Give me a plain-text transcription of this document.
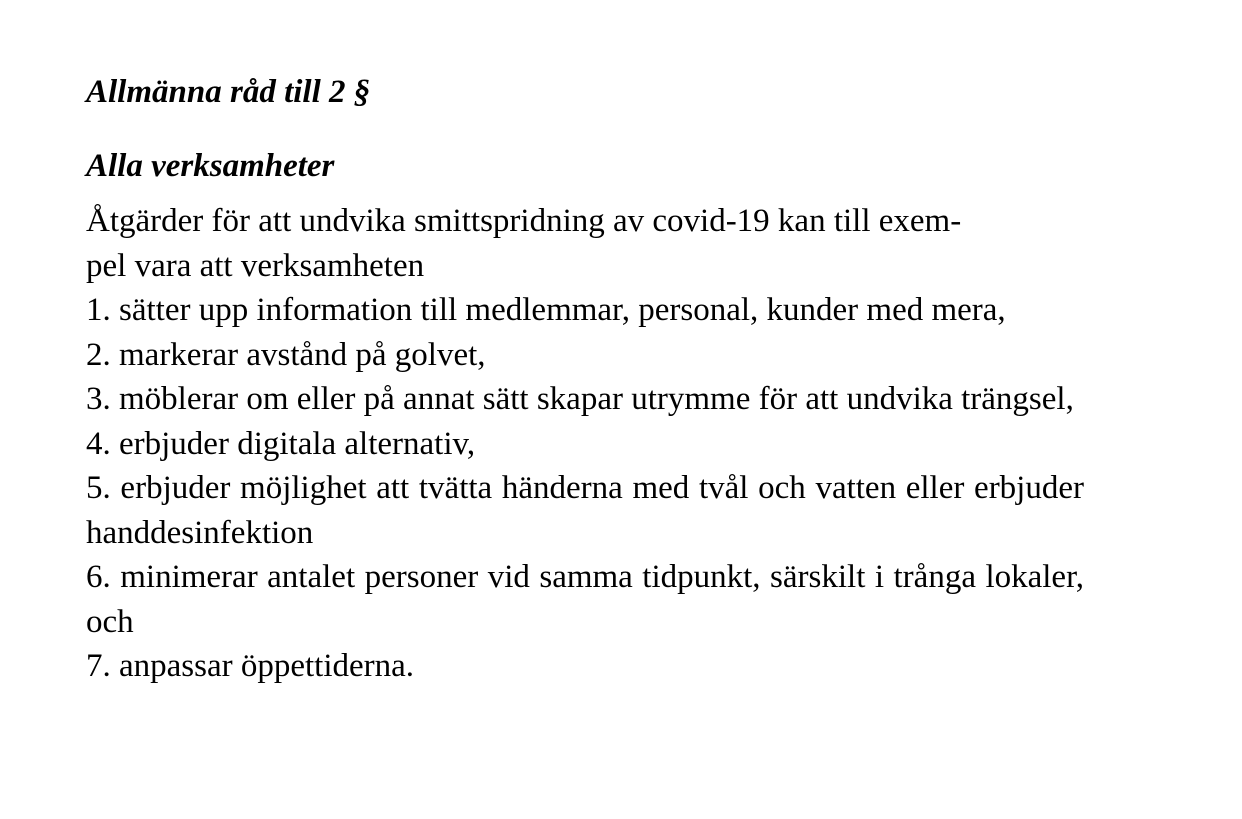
Allmänna råd till 2 §
Alla verksamheter

Åtgärder för att undvika smittspridning av covid-19 kan till exem-
pel vara att verksamheten

1. sätter upp information till medlemmar, personal, kunder med mera,
2. markerar avstånd på golvet,
3. möblerar om eller på annat sätt skapar utrymme för att undvika trängsel,
4. erbjuder digitala alternativ,
5. erbjuder möjlighet att tvätta händerna med tvål och vatten eller erbjuder handdesinfektion
6. minimerar antalet personer vid samma tidpunkt, särskilt i trånga lokaler, och
7. anpassar öppettiderna.
